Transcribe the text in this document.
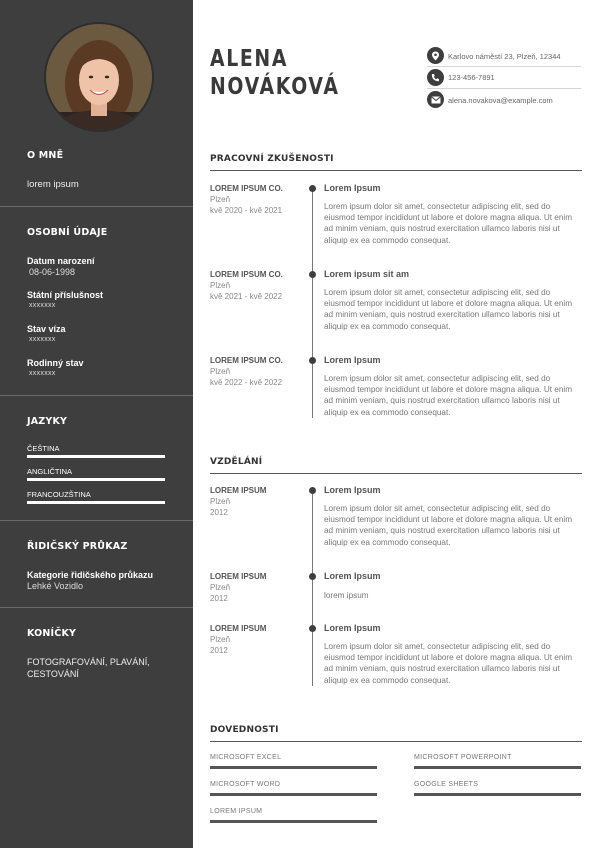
O MNĚ
lorem ipsum
OSOBNÍ ÚDAJE
Datum narození
08-06-1998
Státní příslušnost
xxxxxxx
Stav víza
xxxxxxx
Rodinný stav
xxxxxxx
JAZYKY
ČEŠTINA
ANGLIČTINA
FRANCOUZŠTINA
ŘIDIČSKÝ PRŮKAZ
Kategorie řidičského průkazu
Lehké Vozidlo
KONÍČKY
FOTOGRAFOVÁNÍ, PLAVÁNÍ,
CESTOVÁNÍ
ALENA
NOVÁKOVÁ
Karlovo náměstí 23, Plzeň, 12344
123-456-7891
alena.novakova@example.com
PRACOVNÍ ZKUŠENOSTI
LOREM IPSUM CO.
Plzeň
kvě 2020 - kvě 2021
Lorem Ipsum
Lorem ipsum dolor sit amet, consectetur adipiscing elit, sed do eiusmod tempor incididunt ut labore et dolore magna aliqua. Ut enim ad minim veniam, quis nostrud exercitation ullamco laboris nisi ut aliquip ex ea commodo consequat.
LOREM IPSUM CO.
Plzeň
kvě 2021 - kvě 2022
Lorem ipsum sit am
Lorem ipsum dolor sit amet, consectetur adipiscing elit, sed do eiusmod tempor incididunt ut labore et dolore magna aliqua. Ut enim ad minim veniam, quis nostrud exercitation ullamco laboris nisi ut aliquip ex ea commodo consequat.
LOREM IPSUM CO.
Plzeň
kvě 2022 - kvě 2022
Lorem Ipsum
Lorem ipsum dolor sit amet, consectetur adipiscing elit, sed do eiusmod tempor incididunt ut labore et dolore magna aliqua. Ut enim ad minim veniam, quis nostrud exercitation ullamco laboris nisi ut aliquip ex ea commodo consequat.
VZDĚLÁNÍ
LOREM IPSUM
Plzeň
2012
Lorem Ipsum
Lorem ipsum dolor sit amet, consectetur adipiscing elit, sed do eiusmod tempor incididunt ut labore et dolore magna aliqua. Ut enim ad minim veniam, quis nostrud exercitation ullamco laboris nisi ut aliquip ex ea commodo consequat.
LOREM IPSUM
Plzeň
2012
Lorem Ipsum
lorem ipsum
LOREM IPSUM
Plzeň
2012
Lorem Ipsum
Lorem ipsum dolor sit amet, consectetur adipiscing elit, sed do eiusmod tempor incididunt ut labore et dolore magna aliqua. Ut enim ad minim veniam, quis nostrud exercitation ullamco laboris nisi ut aliquip ex ea commodo consequat.
DOVEDNOSTI
MICROSOFT EXCEL	MICROSOFT POWERPOINT
MICROSOFT WORD	GOOGLE SHEETS
LOREM IPSUM
